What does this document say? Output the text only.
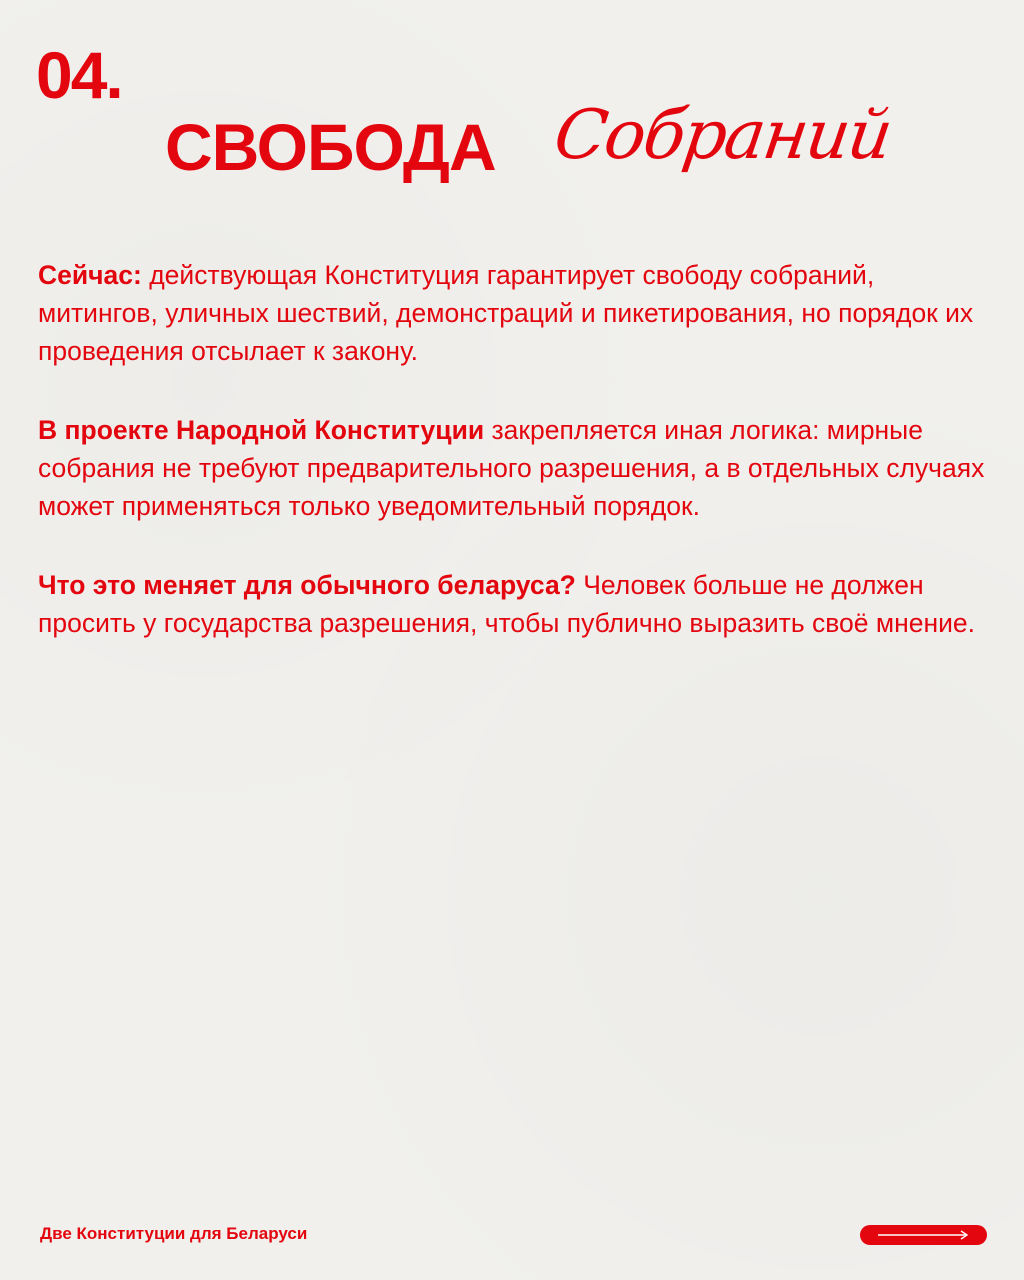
04.
СВОБОДА Собраний

Сейчас: действующая Конституция гарантирует свободу собраний, митингов, уличных шествий, демонстраций и пикетирования, но порядок их проведения отсылает к закону.

В проекте Народной Конституции закрепляется иная логика: мирные собрания не требуют предварительного разрешения, а в отдельных случаях может применяться только уведомительный порядок.

Что это меняет для обычного беларуса? Человек больше не должен просить у государства разрешения, чтобы публично выразить своё мнение.

Две Конституции для Беларуси
